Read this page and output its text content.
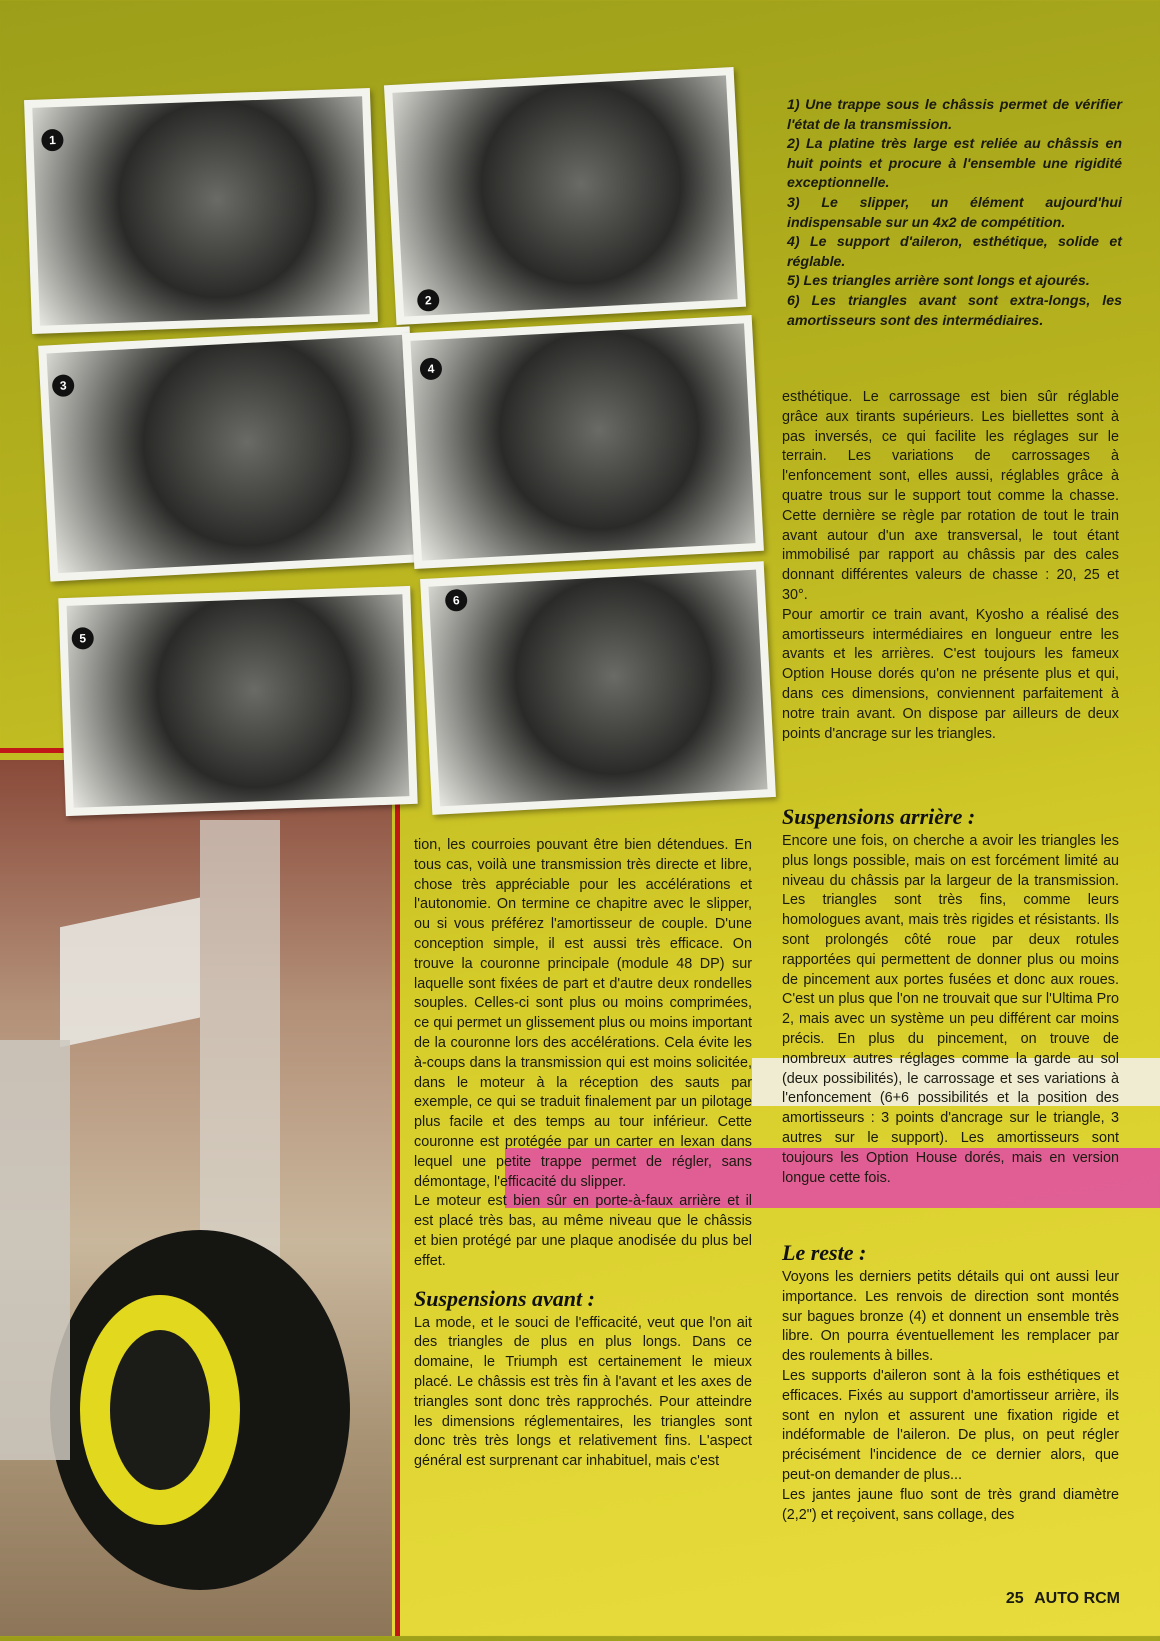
1
2
3
4
5
6

1) Une trappe sous le châssis permet de vérifier l'état de la transmission.

2) La platine très large est reliée au châssis en huit points et procure à l'ensemble une rigidité exceptionnelle.

3) Le slipper, un élément aujourd'hui indispensable sur un 4x2 de compétition.

4) Le support d'aileron, esthétique, solide et réglable.

5) Les triangles arrière sont longs et ajourés.

6) Les triangles avant sont extra-longs, les amortisseurs sont des intermédiaires.

esthétique. Le carrossage est bien sûr réglable grâce aux tirants supérieurs. Les biellettes sont à pas inversés, ce qui facilite les réglages sur le terrain. Les variations de carrossages à l'enfoncement sont, elles aussi, réglables grâce à quatre trous sur le support tout comme la chasse. Cette dernière se règle par rotation de tout le train avant autour d'un axe transversal, le tout étant immobilisé par rapport au châssis par des cales donnant différentes valeurs de chasse : 20, 25 et 30°.

Pour amortir ce train avant, Kyosho a réalisé des amortisseurs intermédiaires en longueur entre les avants et les arrières. C'est toujours les fameux Option House dorés qu'on ne présente plus et qui, dans ces dimensions, conviennent parfaitement à notre train avant. On dispose par ailleurs de deux points d'ancrage sur les triangles.

Suspensions arrière :

Encore une fois, on cherche a avoir les triangles les plus longs possible, mais on est forcément limité au niveau du châssis par la largeur de la transmission. Les triangles sont très fins, comme leurs homologues avant, mais très rigides et résistants. Ils sont prolongés côté roue par deux rotules rapportées qui permettent de donner plus ou moins de pincement aux portes fusées et donc aux roues. C'est un plus que l'on ne trouvait que sur l'Ultima Pro 2, mais avec un système un peu différent car moins précis. En plus du pincement, on trouve de nombreux autres réglages comme la garde au sol (deux possibilités), le carrossage et ses variations à l'enfoncement (6+6 possibilités et la position des amortisseurs : 3 points d'ancrage sur le triangle, 3 autres sur le support). Les amortisseurs sont toujours les Option House dorés, mais en version longue cette fois.

Le reste :

Voyons les derniers petits détails qui ont aussi leur importance. Les renvois de direction sont montés sur bagues bronze (4) et donnent un ensemble très libre. On pourra éventuellement les remplacer par des roulements à billes.

Les supports d'aileron sont à la fois esthétiques et efficaces. Fixés au support d'amortisseur arrière, ils sont en nylon et assurent une fixation rigide et indéformable de l'aileron. De plus, on peut régler précisément l'incidence de ce dernier alors, que peut-on demander de plus...

Les jantes jaune fluo sont de très grand diamètre (2,2") et reçoivent, sans collage, des

tion, les courroies pouvant être bien détendues. En tous cas, voilà une transmission très directe et libre, chose très appréciable pour les accélérations et l'autonomie. On termine ce chapitre avec le slipper, ou si vous préférez l'amortisseur de couple. D'une conception simple, il est aussi très efficace. On trouve la couronne principale (module 48 DP) sur laquelle sont fixées de part et d'autre deux rondelles souples. Celles-ci sont plus ou moins comprimées, ce qui permet un glissement plus ou moins important de la couronne lors des accélérations. Cela évite les à-coups dans la transmission qui est moins solicitée, dans le moteur à la réception des sauts par exemple, ce qui se traduit finalement par un pilotage plus facile et des temps au tour inférieur. Cette couronne est protégée par un carter en lexan dans lequel une petite trappe permet de régler, sans démontage, l'efficacité du slipper.

Le moteur est bien sûr en porte-à-faux arrière et il est placé très bas, au même niveau que le châssis et bien protégé par une plaque anodisée du plus bel effet.

Suspensions avant :

La mode, et le souci de l'efficacité, veut que l'on ait des triangles de plus en plus longs. Dans ce domaine, le Triumph est certainement le mieux placé. Le châssis est très fin à l'avant et les axes de triangles sont donc très rapprochés. Pour atteindre les dimensions réglementaires, les triangles sont donc très très longs et relativement fins. L'aspect général est surprenant car inhabituel, mais c'est

25 AUTO RCM
